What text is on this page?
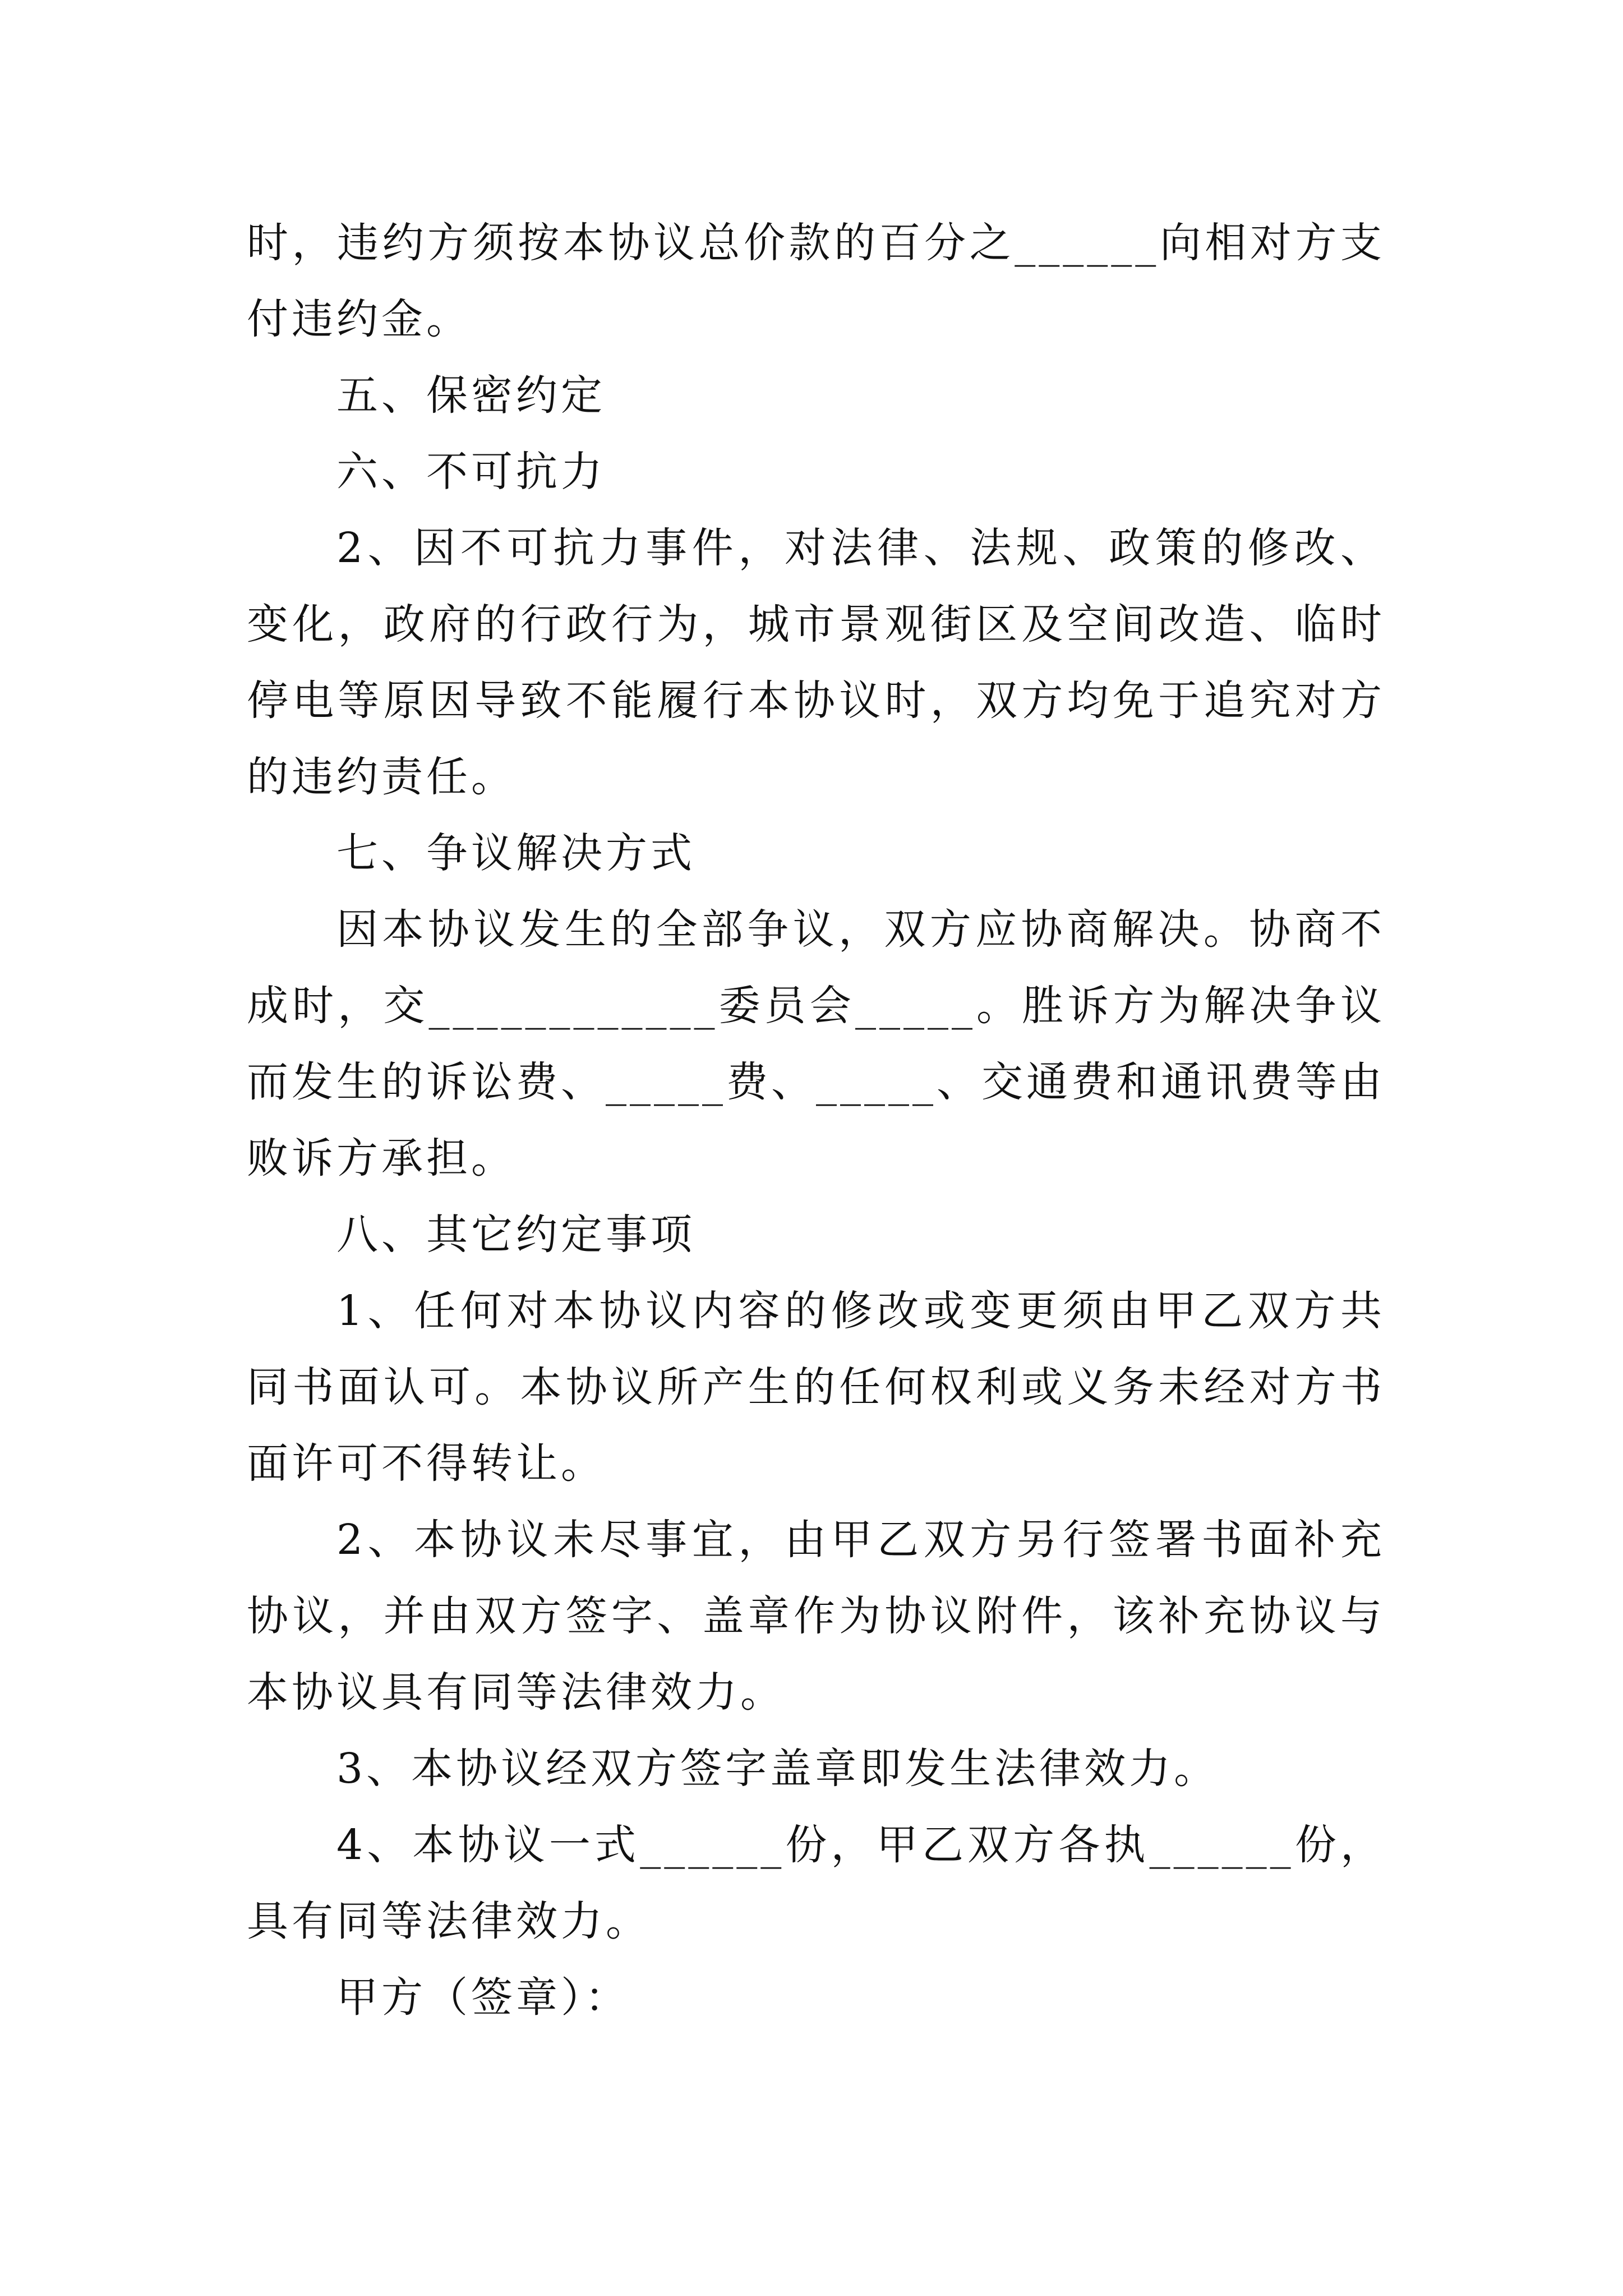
时，违约方须按本协议总价款的百分之______向相对方支付违约金。

五、保密约定

六、不可抗力

2、因不可抗力事件，对法律、法规、政策的修改、变化，政府的行政行为，城市景观街区及空间改造、临时停电等原因导致不能履行本协议时，双方均免于追究对方的违约责任。

七、争议解决方式

因本协议发生的全部争议，双方应协商解决。协商不成时，交____________委员会_____。胜诉方为解决争议而发生的诉讼费、_____费、_____、交通费和通讯费等由败诉方承担。

八、其它约定事项

1、任何对本协议内容的修改或变更须由甲乙双方共同书面认可。本协议所产生的任何权利或义务未经对方书面许可不得转让。

2、本协议未尽事宜，由甲乙双方另行签署书面补充协议，并由双方签字、盖章作为协议附件，该补充协议与本协议具有同等法律效力。

3、本协议经双方签字盖章即发生法律效力。

4、本协议一式______份，甲乙双方各执______份，具有同等法律效力。

甲方（签章）：
